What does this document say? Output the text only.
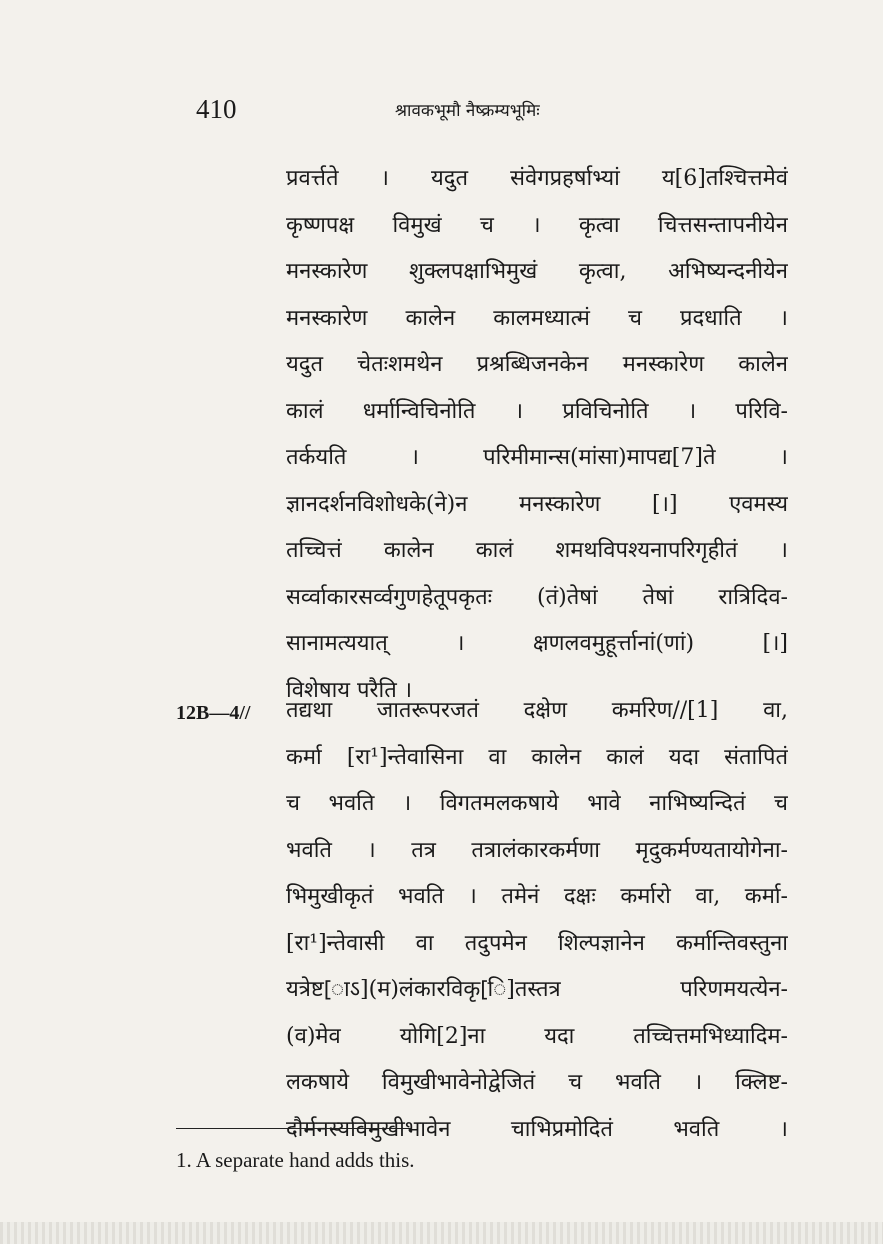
410	श्रावकभूमौ नैष्क्रम्यभूमिः
प्रवर्त्तते । यदुत संवेगप्रहर्षाभ्यां य[6]तश्चित्तमेवं
कृष्णपक्ष विमुखं च । कृत्वा चित्तसन्तापनीयेन
मनस्कारेण शुक्लपक्षाभिमुखं कृत्वा, अभिष्यन्दनीयेन
मनस्कारेण कालेन कालमध्यात्मं च प्रदधाति ।
यदुत चेतःशमथेन प्रश्रब्धिजनकेन मनस्कारेण कालेन
कालं धर्मान्विचिनोति । प्रविचिनोति । परिवि-
तर्कयति । परिमीमान्स(मांसा)माप‌द्य[7]ते ।
ज्ञानदर्शनविशोधके(ने)न मनस्कारेण [।] एवमस्य
तच्चित्तं कालेन कालं शमथविपश्यनापरिगृहीतं ।
सर्व्वाकारसर्व्वगुणहेतूपकृतः (तं)तेषां तेषां रात्रिदिव-
सानामत्ययात् । क्षणलवमुहूर्त्तानां(णां) [।]
विशेषाय परैति ।
12B—4// तद्यथा जातरूपरजतं दक्षेण कर्मारेण//[1] वा,
कर्मा [रा¹]न्तेवासिना वा कालेन कालं यदा संतापितं
च भवति । विगतमलकषाये भावे नाभिष्यन्दितं च
भवति । तत्र तत्रालंकारकर्मणा मृदुकर्मण्यतायोगेना-
भिमुखीकृतं भवति । तमेनं दक्षः कर्मारो वा, कर्मा-
[रा¹]न्तेवासी वा तदुपमेन शिल्पज्ञानेन कर्मान्तिवस्तुना
यत्रेष्ट[ाऽ](म)लंकारविकृ[ि]तस्तत्र परिणमयत्येन-
(व)मेव योगि[2]ना यदा तच्चित्तमभिध्यादिम-
लकषाये विमुखीभावेनोद्वेजितं च भवति । क्लिष्ट-
दौर्मनस्यविमुखीभावेन चाभिप्रमोदितं भवति ।
1. A separate hand adds this.
